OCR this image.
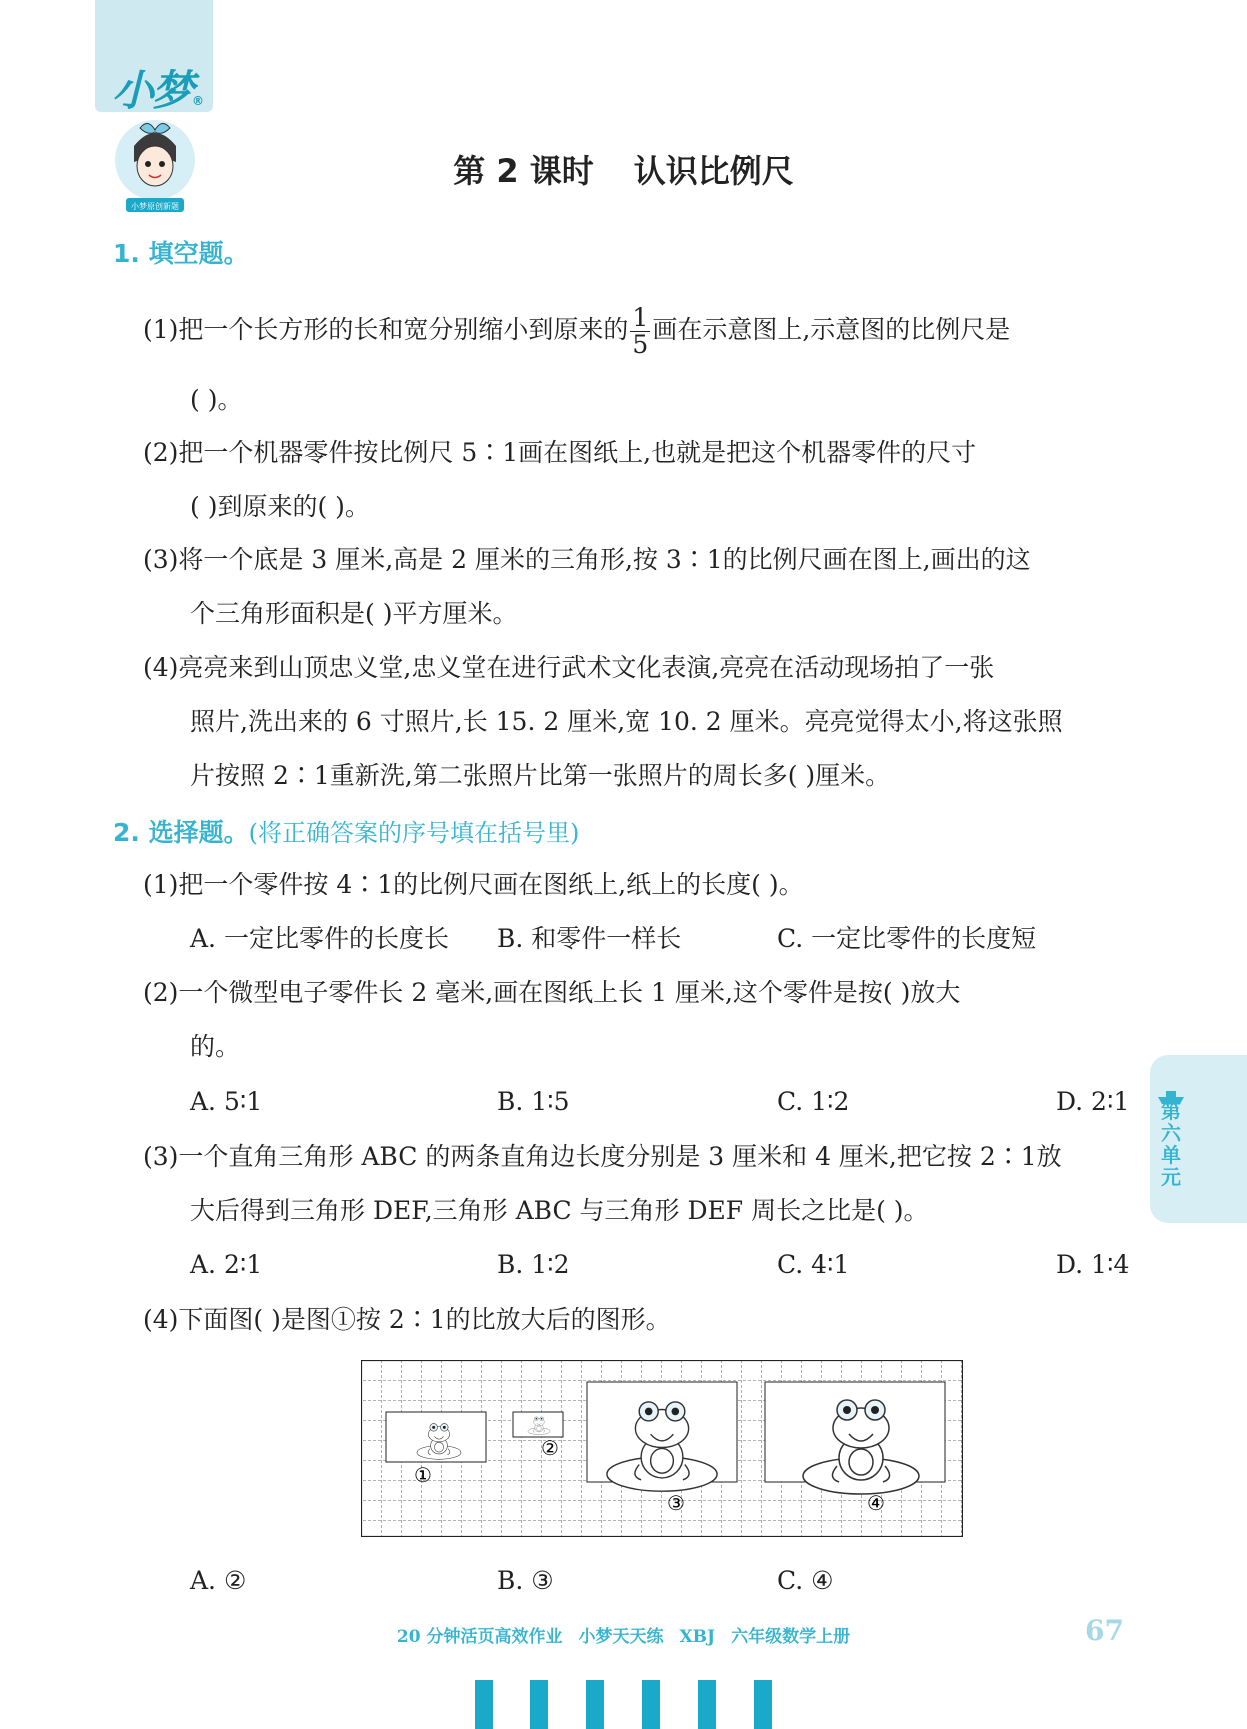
小梦®
小梦原创新题
第 2 课时 认识比例尺
1. 填空题。
(1)把一个长方形的长和宽分别缩小到原来的 $\frac{1}{5}$ 画在示意图上,示意图的比例尺是
( )。
(2)把一个机器零件按比例尺 5∶1画在图纸上,也就是把这个机器零件的尺寸
( )到原来的( )。
(3)将一个底是 3 厘米,高是 2 厘米的三角形,按 3∶1的比例尺画在图上,画出的这
个三角形面积是( )平方厘米。
(4)亮亮来到山顶忠义堂,忠义堂在进行武术文化表演,亮亮在活动现场拍了一张
照片,洗出来的 6 寸照片,长 15. 2 厘米,宽 10. 2 厘米。亮亮觉得太小,将这张照
片按照 2∶1重新洗,第二张照片比第一张照片的周长多( )厘米。
2. 选择题。(将正确答案的序号填在括号里)
(1)把一个零件按 4∶1的比例尺画在图纸上,纸上的长度( )。
A. 一定比零件的长度长 B. 和零件一样长	C. 一定比零件的长度短
(2)一个微型电子零件长 2 毫米,画在图纸上长 1 厘米,这个零件是按( )放大
的。
A. 5∶1	B. 1∶5	C. 1∶2	D. 2∶1
(3)一个直角三角形 ABC 的两条直角边长度分别是 3 厘米和 4 厘米,把它按 2∶1放
大后得到三角形 DEF,三角形 ABC 与三角形 DEF 周长之比是( )。
A. 2∶1	B. 1∶2	C. 4∶1	D. 1∶4
(4)下面图( )是图①按 2∶1的比放大后的图形。
①
②
③	④
A. ②	B. ③	C. ④
第六单元
20 分钟活页高效作业 小梦天天练 XBJ 六年级数学上册	67
